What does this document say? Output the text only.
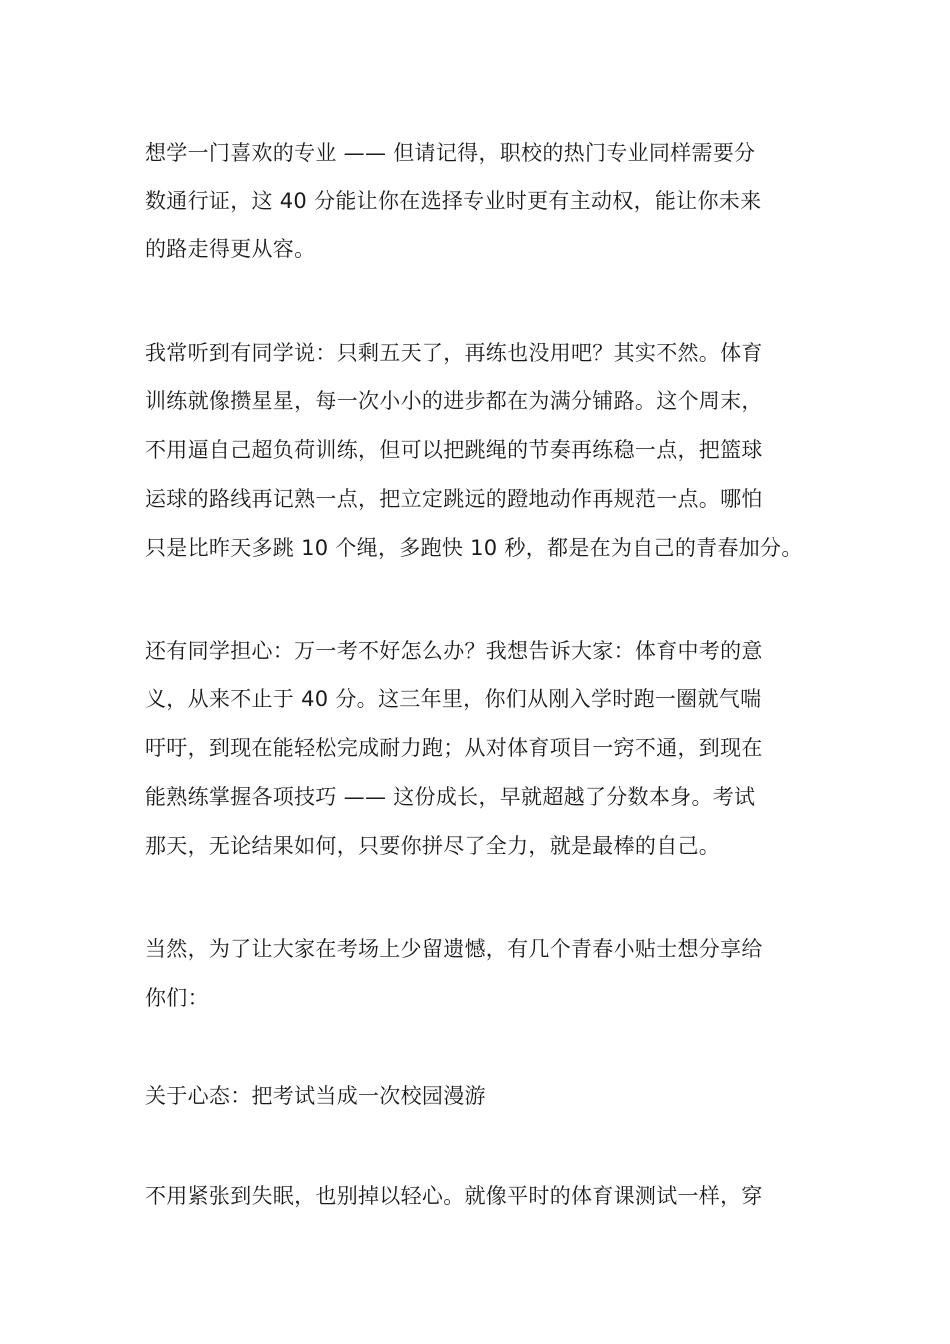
想学一门喜欢的专业 —— 但请记得，职校的热门专业同样需要分

数通行证，这 40 分能让你在选择专业时更有主动权，能让你未来

的路走得更从容。

我常听到有同学说：只剩五天了，再练也没用吧？其实不然。体育

训练就像攒星星，每一次小小的进步都在为满分铺路。这个周末，

不用逼自己超负荷训练，但可以把跳绳的节奏再练稳一点，把篮球

运球的路线再记熟一点，把立定跳远的蹬地动作再规范一点。哪怕

只是比昨天多跳 10 个绳，多跑快 10 秒，都是在为自己的青春加分。

还有同学担心：万一考不好怎么办？我想告诉大家：体育中考的意

义，从来不止于 40 分。这三年里，你们从刚入学时跑一圈就气喘

吁吁，到现在能轻松完成耐力跑；从对体育项目一窍不通，到现在

能熟练掌握各项技巧 —— 这份成长，早就超越了分数本身。考试

那天，无论结果如何，只要你拼尽了全力，就是最棒的自己。

当然，为了让大家在考场上少留遗憾，有几个青春小贴士想分享给

你们：

关于心态：把考试当成一次校园漫游

不用紧张到失眠，也别掉以轻心。就像平时的体育课测试一样，穿
